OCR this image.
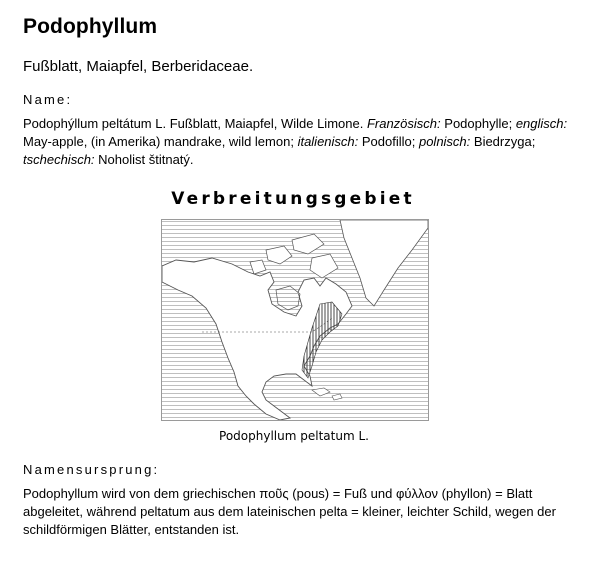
Podophyllum

Fußblatt, Maiapfel, Berberidaceae.

Name:

Podophýllum peltátum L. Fußblatt, Maiapfel, Wilde Limone. Französisch: Podophylle; englisch: May-apple, (in Amerika) mandrake, wild lemon; italienisch: Podofillo; polnisch: Biedrzyga; tschechisch: Noholist štitnatý.

Verbreitungsgebiet

Podophyllum peltatum L.

Namensursprung:

Podophyllum wird von dem griechischen ποῦς (pous) = Fuß und φύλλον (phyllon) = Blatt abgeleitet, während peltatum aus dem lateinischen pelta = kleiner, leichter Schild, wegen der schildförmigen Blätter, entstanden ist.
